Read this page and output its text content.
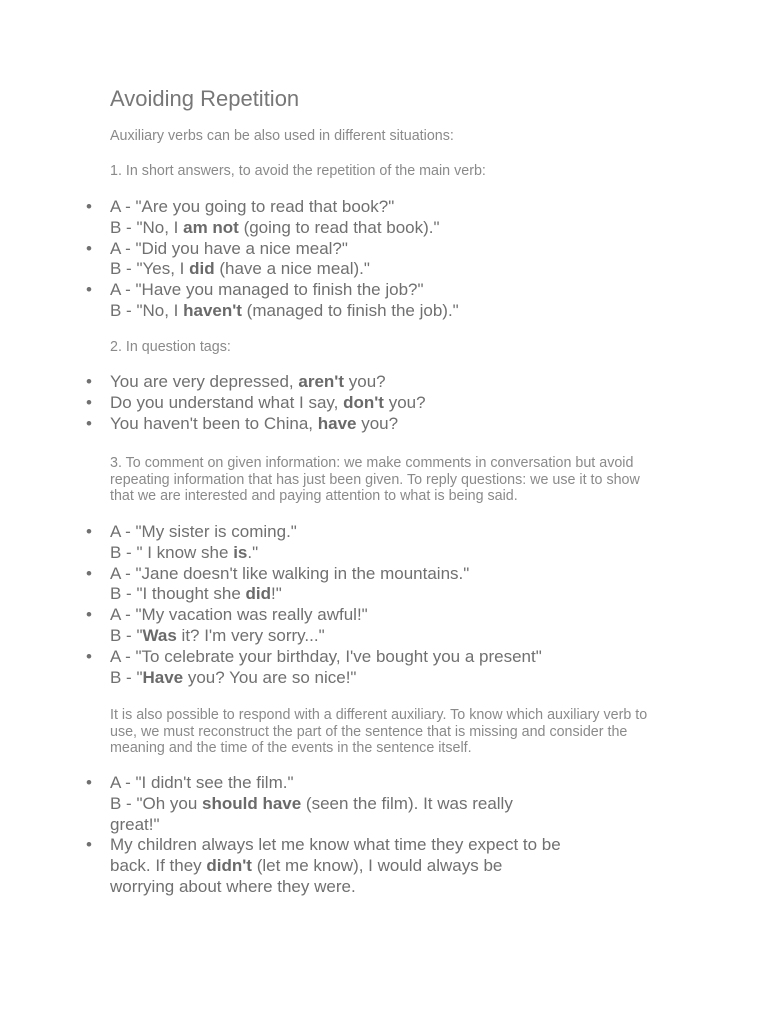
Avoiding Repetition

Auxiliary verbs can be also used in different situations:

1. In short answers, to avoid the repetition of the main verb:

• A - "Are you going to read that book?"
B - "No, I am not (going to read that book)."
• A - "Did you have a nice meal?"
B - "Yes, I did (have a nice meal)."
• A - "Have you managed to finish the job?"
B - "No, I haven't (managed to finish the job)."

2. In question tags:

• You are very depressed, aren't you?
• Do you understand what I say, don't you?
• You haven't been to China, have you?

3. To comment on given information: we make comments in conversation but avoid repeating information that has just been given. To reply questions: we use it to show that we are interested and paying attention to what is being said.

• A - "My sister is coming."
B - " I know she is."
• A - "Jane doesn't like walking in the mountains."
B - "I thought she did!"
• A - "My vacation was really awful!"
B - "Was it? I'm very sorry..."
• A - "To celebrate your birthday, I've bought you a present"
B - "Have you? You are so nice!"

It is also possible to respond with a different auxiliary. To know which auxiliary verb to use, we must reconstruct the part of the sentence that is missing and consider the meaning and the time of the events in the sentence itself.

• A - "I didn't see the film."
B - "Oh you should have (seen the film). It was really
great!"
• My children always let me know what time they expect to be
back. If they didn't (let me know), I would always be
worrying about where they were.
